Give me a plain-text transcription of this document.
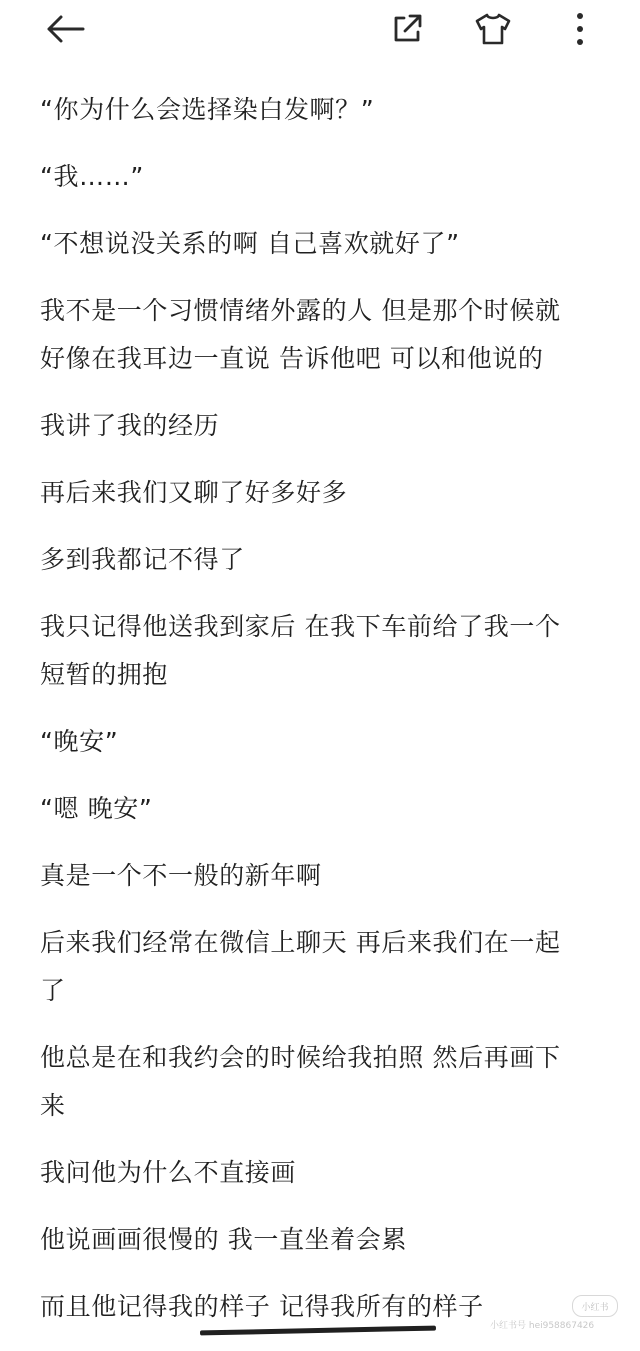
“你为什么会选择染白发啊？”

“我……”

“不想说没关系的啊 自己喜欢就好了”

我不是一个习惯情绪外露的人 但是那个时候就
好像在我耳边一直说 告诉他吧 可以和他说的

我讲了我的经历

再后来我们又聊了好多好多

多到我都记不得了

我只记得他送我到家后 在我下车前给了我一个
短暂的拥抱

“晚安”

“嗯 晚安”

真是一个不一般的新年啊

后来我们经常在微信上聊天 再后来我们在一起
了

他总是在和我约会的时候给我拍照 然后再画下
来

我问他为什么不直接画

他说画画很慢的 我一直坐着会累

而且他记得我的样子 记得我所有的样子	小红书
小红书号 hei958867426
